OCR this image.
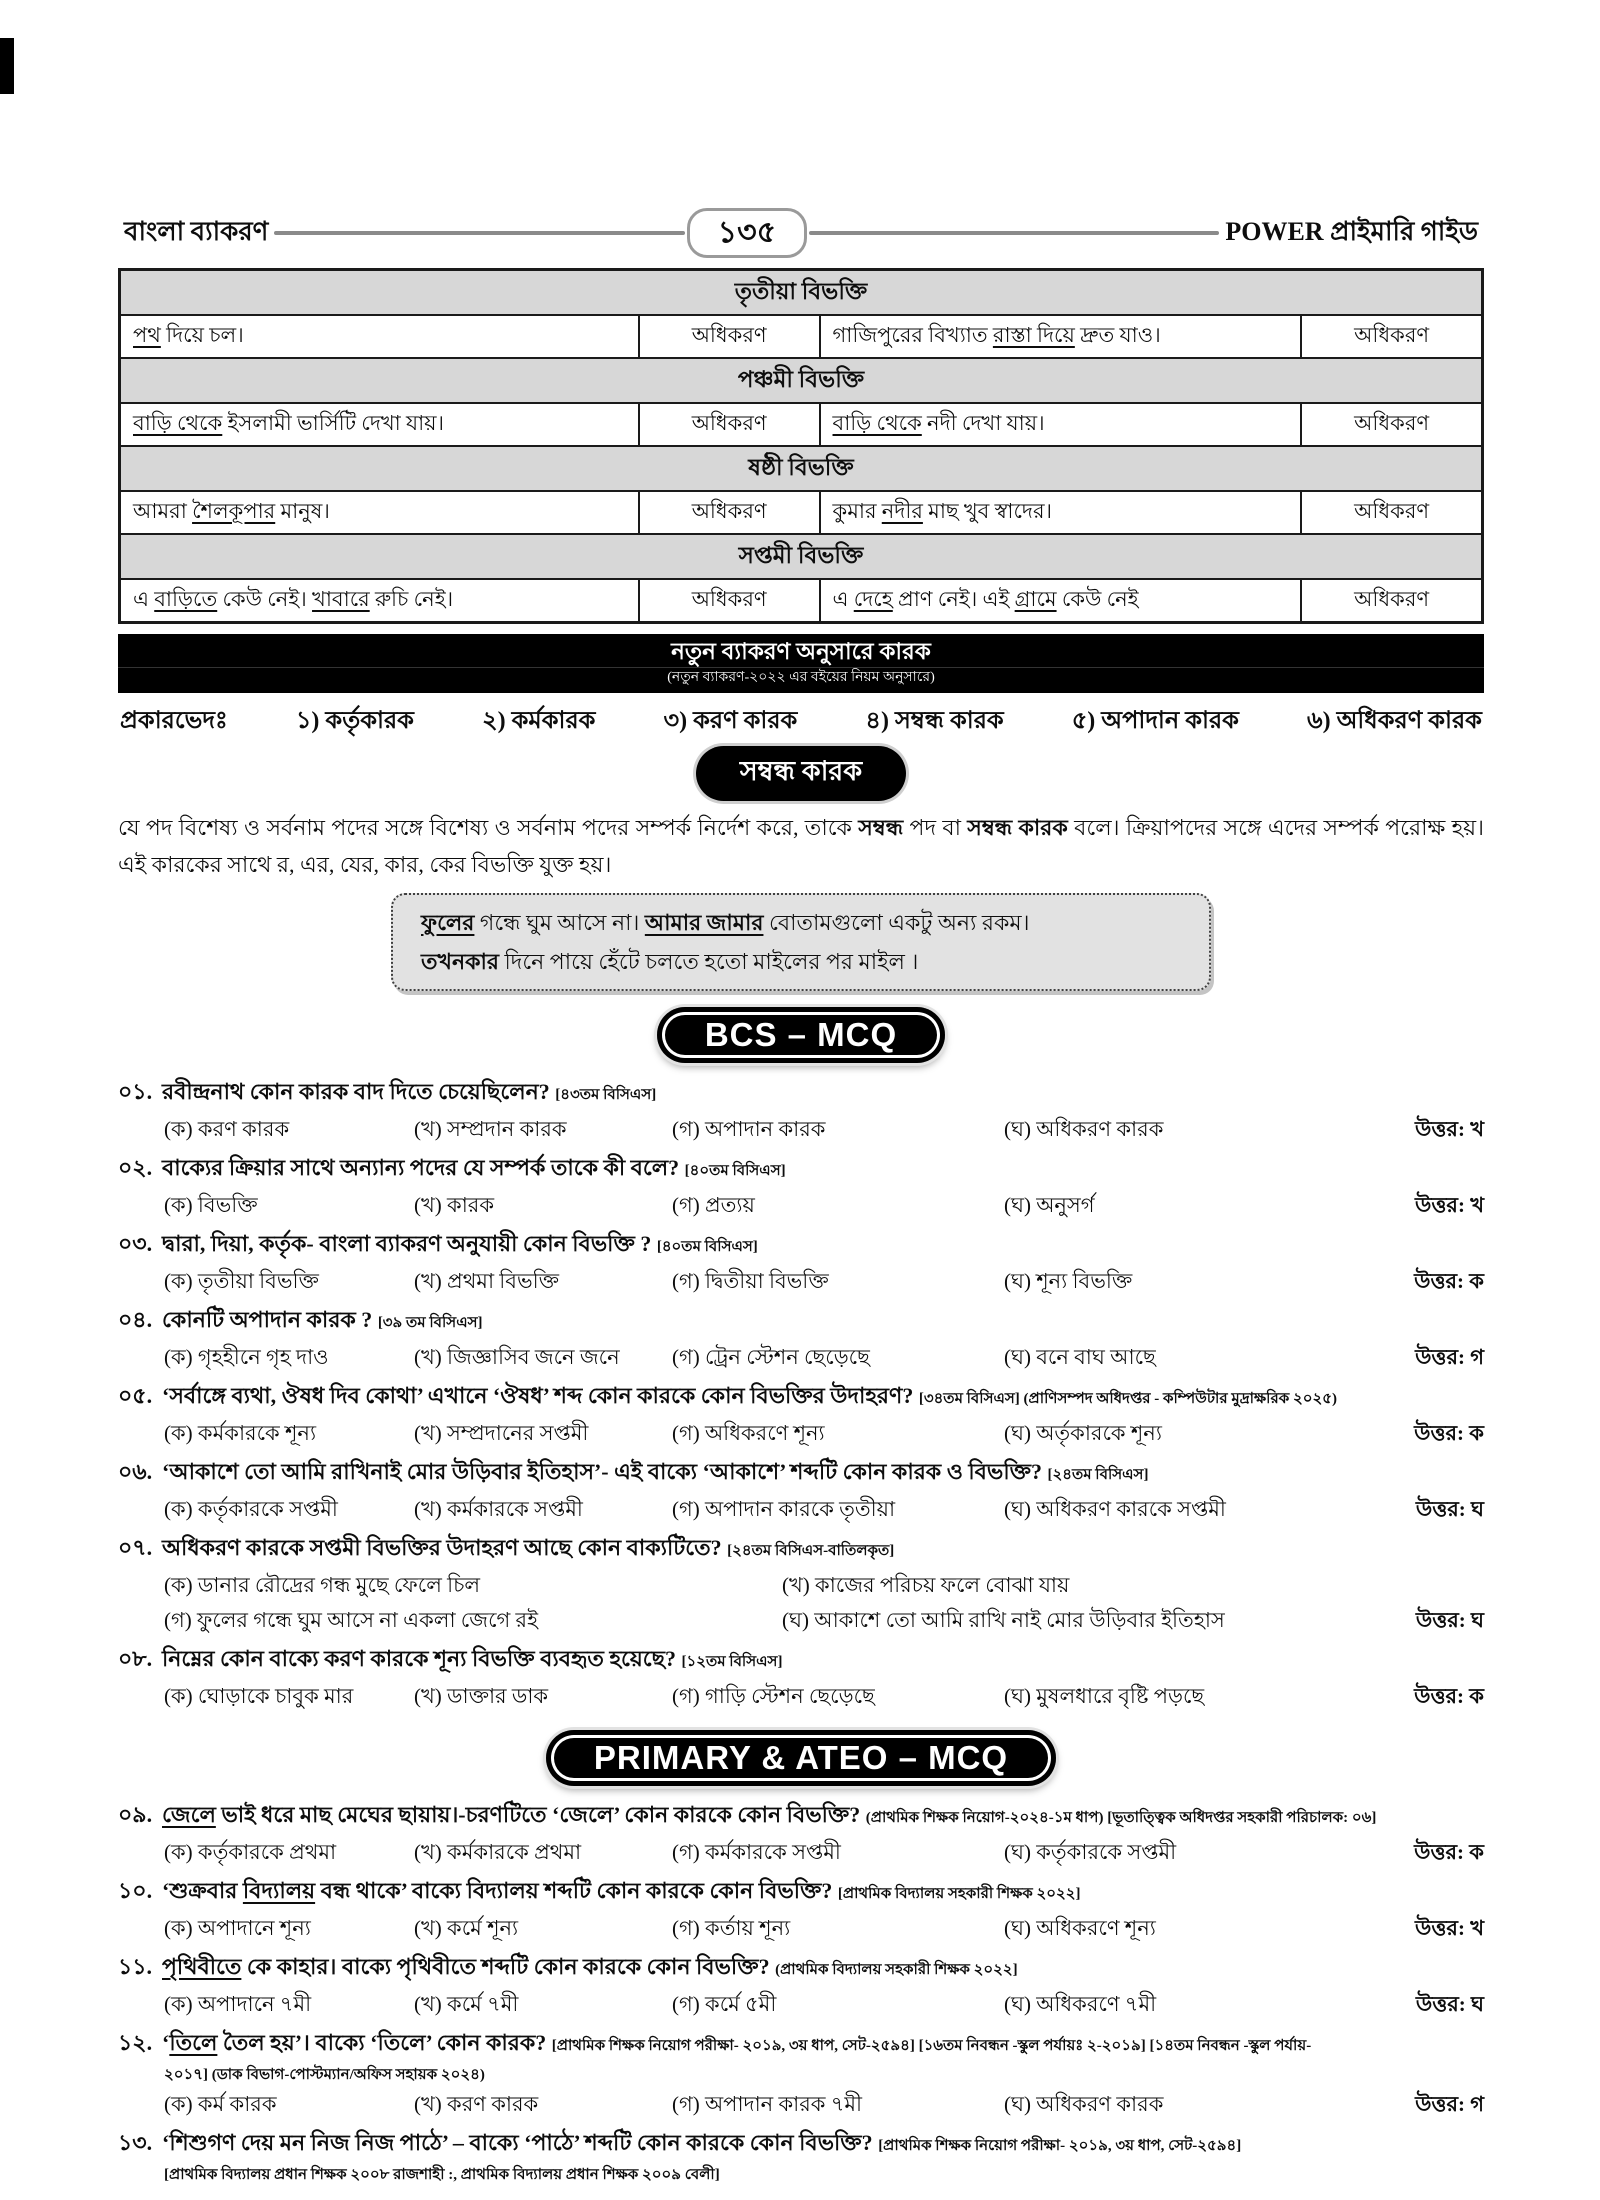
বাংলা ব্যাকরণ	১৩৫	POWER প্রাইমারি গাইড
তৃতীয়া বিভক্তি			
পথ দিয়ে চল।	অধিকরণ	গাজিপুরের বিখ্যাত রাস্তা দিয়ে দ্রুত যাও।	অধিকরণ
পঞ্চমী বিভক্তি			
বাড়ি থেকে ইসলামী ভার্সিটি দেখা যায়।	অধিকরণ	বাড়ি থেকে নদী দেখা যায়।	অধিকরণ
ষষ্ঠী বিভক্তি			
আমরা শৈলকূপার মানুষ।	অধিকরণ	কুমার নদীর মাছ খুব স্বাদের।	অধিকরণ
সপ্তমী বিভক্তি			
এ বাড়িতে কেউ নেই। খাবারে রুচি নেই।	অধিকরণ	এ দেহে প্রাণ নেই। এই গ্রামে কেউ নেই	অধিকরণ
নতুন ব্যাকরণ অনুসারে কারক
(নতুন ব্যাকরণ-২০২২ এর বইয়ের নিয়ম অনুসারে)
প্রকারভেদঃ	১) কর্তৃকারক	২) কর্মকারক	৩) করণ কারক	৪) সম্বন্ধ কারক	৫) অপাদান কারক	৬) অধিকরণ কারক
সম্বন্ধ কারক

যে পদ বিশেষ্য ও সর্বনাম পদের সঙ্গে বিশেষ্য ও সর্বনাম পদের সম্পর্ক নির্দেশ করে, তাকে সম্বন্ধ পদ বা সম্বন্ধ কারক বলে। ক্রিয়াপদের সঙ্গে এদের সম্পর্ক পরোক্ষ হয়। এই কারকের সাথে র, এর, যের, কার, কের বিভক্তি যুক্ত হয়।

ফুলের গন্ধে ঘুম আসে না। আমার জামার বোতামগুলো একটু অন্য রকম।
তখনকার দিনে পায়ে হেঁটে চলতে হতো মাইলের পর মাইল ।
BCS – MCQ
০১. রবীন্দ্রনাথ কোন কারক বাদ দিতে চেয়েছিলেন? [৪৩তম বিসিএস]
(ক) করণ কারক	(খ) সম্প্রদান কারক	(গ) অপাদান কারক	(ঘ) অধিকরণ কারক	উত্তর: খ
০২. বাক্যের ক্রিয়ার সাথে অন্যান্য পদের যে সম্পর্ক তাকে কী বলে? [৪০তম বিসিএস]
(ক) বিভক্তি	(খ) কারক	(গ) প্রত্যয়	(ঘ) অনুসর্গ	উত্তর: খ
০৩. দ্বারা, দিয়া, কর্তৃক- বাংলা ব্যাকরণ অনুযায়ী কোন বিভক্তি ? [৪০তম বিসিএস]
(ক) তৃতীয়া বিভক্তি	(খ) প্রথমা বিভক্তি	(গ) দ্বিতীয়া বিভক্তি	(ঘ) শূন্য বিভক্তি	উত্তর: ক
০৪. কোনটি অপাদান কারক ? [৩৯ তম বিসিএস]
(ক) গৃহহীনে গৃহ দাও	(খ) জিজ্ঞাসিব জনে জনে	(গ) ট্রেন স্টেশন ছেড়েছে	(ঘ) বনে বাঘ আছে	উত্তর: গ
০৫. ‘সর্বাঙ্গে ব্যথা, ঔষধ দিব কোথা’ এখানে ‘ঔষধ’ শব্দ কোন কারকে কোন বিভক্তির উদাহরণ? [৩৪তম বিসিএস] (প্রাণিসম্পদ অধিদপ্তর - কম্পিউটার মুদ্রাক্ষরিক ২০২৫)
(ক) কর্মকারকে শূন্য	(খ) সম্প্রদানের সপ্তমী	(গ) অধিকরণে শূন্য	(ঘ) অর্তৃকারকে শূন্য	উত্তর: ক
০৬. ‘আকাশে তো আমি রাখিনাই মোর উড়িবার ইতিহাস’- এই বাক্যে ‘আকাশে’ শব্দটি কোন কারক ও বিভক্তি? [২৪তম বিসিএস]
(ক) কর্তৃকারকে সপ্তমী	(খ) কর্মকারকে সপ্তমী	(গ) অপাদান কারকে তৃতীয়া	(ঘ) অধিকরণ কারকে সপ্তমী	উত্তর: ঘ
০৭. অধিকরণ কারকে সপ্তমী বিভক্তির উদাহরণ আছে কোন বাক্যটিতে? [২৪তম বিসিএস-বাতিলকৃত]
(ক) ডানার রৌদ্রের গন্ধ মুছে ফেলে চিল	(খ) কাজের পরিচয় ফলে বোঝা যায়
(গ) ফুলের গন্ধে ঘুম আসে না একলা জেগে রই	(ঘ) আকাশে তো আমি রাখি নাই মোর উড়িবার ইতিহাস	উত্তর: ঘ
০৮. নিম্নের কোন বাক্যে করণ কারকে শূন্য বিভক্তি ব্যবহৃত হয়েছে? [১২তম বিসিএস]
(ক) ঘোড়াকে চাবুক মার	(খ) ডাক্তার ডাক	(গ) গাড়ি স্টেশন ছেড়েছে	(ঘ) মুষলধারে বৃষ্টি পড়ছে	উত্তর: ক
PRIMARY & ATEO – MCQ
০৯. জেলে ভাই ধরে মাছ মেঘের ছায়ায়।-চরণটিতে ‘জেলে’ কোন কারকে কোন বিভক্তি? (প্রাথমিক শিক্ষক নিয়োগ-২০২৪-১ম ধাপ) [ভূতাত্ত্বিক অধিদপ্তর সহকারী পরিচালক: ০৬]
(ক) কর্তৃকারকে প্রথমা	(খ) কর্মকারকে প্রথমা	(গ) কর্মকারকে সপ্তমী	(ঘ) কর্তৃকারকে সপ্তমী	উত্তর: ক
১০. ‘শুক্রবার বিদ্যালয় বন্ধ থাকে’ বাক্যে বিদ্যালয় শব্দটি কোন কারকে কোন বিভক্তি? [প্রাথমিক বিদ্যালয় সহকারী শিক্ষক ২০২২]
(ক) অপাদানে শূন্য	(খ) কর্মে শূন্য	(গ) কর্তায় শূন্য	(ঘ) অধিকরণে শূন্য	উত্তর: খ
১১. পৃথিবীতে কে কাহার। বাক্যে পৃথিবীতে শব্দটি কোন কারকে কোন বিভক্তি? (প্রাথমিক বিদ্যালয় সহকারী শিক্ষক ২০২২]
(ক) অপাদানে ৭মী	(খ) কর্মে ৭মী	(গ) কর্মে ৫মী	(ঘ) অধিকরণে ৭মী	উত্তর: ঘ
১২. ‘তিলে তৈল হয়’। বাক্যে ‘তিলে’ কোন কারক? [প্রাথমিক শিক্ষক নিয়োগ পরীক্ষা- ২০১৯, ৩য় ধাপ, সেট-২৫৯৪] [১৬তম নিবন্ধন -স্কুল পর্যায়ঃ ২-২০১৯] [১৪তম নিবন্ধন -স্কুল পর্যায়-
২০১৭] (ডাক বিভাগ-পোস্টম্যান/অফিস সহায়ক ২০২৪)
(ক) কর্ম কারক	(খ) করণ কারক	(গ) অপাদান কারক ৭মী	(ঘ) অধিকরণ কারক	উত্তর: গ
১৩. ‘শিশুগণ দেয় মন নিজ নিজ পাঠে’ – বাক্যে ‘পাঠে’ শব্দটি কোন কারকে কোন বিভক্তি? [প্রাথমিক শিক্ষক নিয়োগ পরীক্ষা- ২০১৯, ৩য় ধাপ, সেট-২৫৯৪]
[প্রাথমিক বিদ্যালয় প্রধান শিক্ষক ২০০৮ রাজশাহী :, প্রাথমিক বিদ্যালয় প্রধান শিক্ষক ২০০৯ বেলী]
